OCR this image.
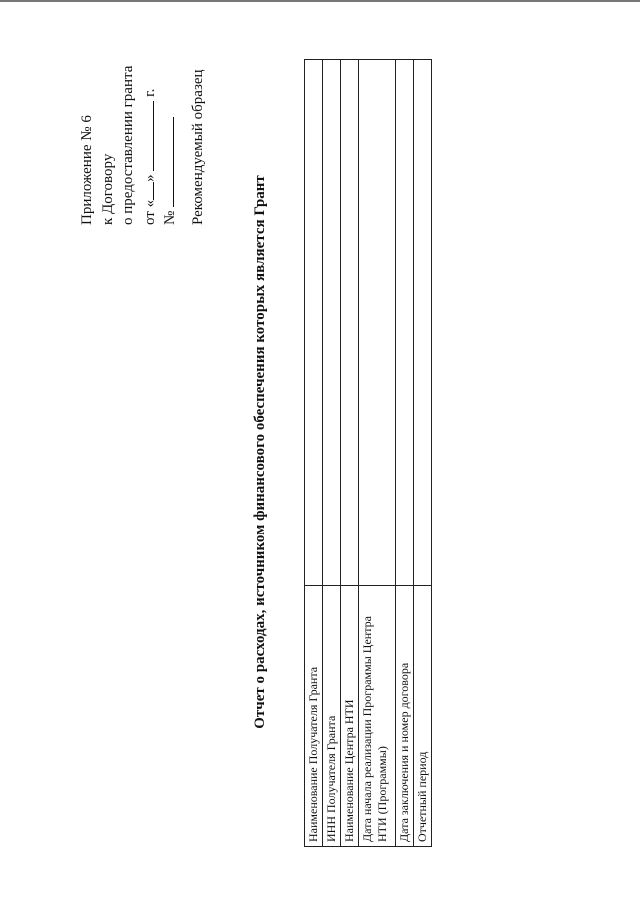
Приложение № 6 к Договору о предоставлении гранта от «»  г.
№ Рекомендуемый образец
Отчет о расходах, источником финансового обеспечения которых является Грант
Наименование Получателя Гранта	
ИНН Получателя Гранта	
Наименование Центра НТИ	
Дата начала реализации Программы Центра НТИ (Программы)	
Дата заключения и номер договора	
Отчетный период	
